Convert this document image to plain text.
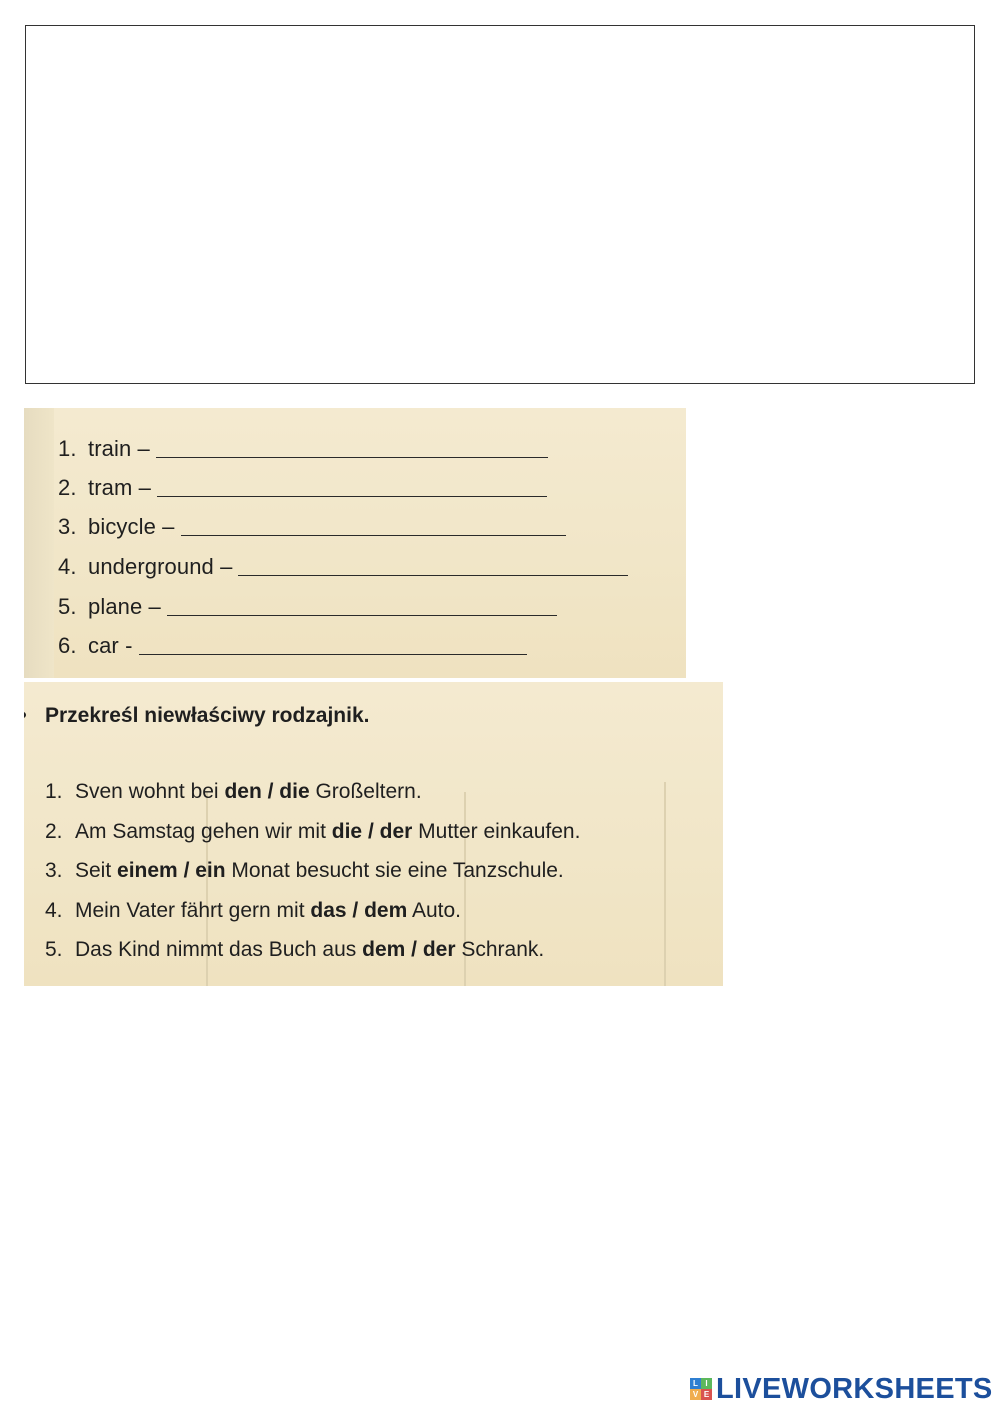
1. train –
2. tram –
3. bicycle –
4. underground –
5. plane –
6. car -
Przekreśl niewłaściwy rodzajnik.
1. Sven wohnt bei den / die Großeltern.
2. Am Samstag gehen wir mit die / der Mutter einkaufen.
3. Seit einem / ein Monat besucht sie eine Tanzschule.
4. Mein Vater fährt gern mit das / dem Auto.
5. Das Kind nimmt das Buch aus dem / der Schrank.
L I
V E LIVEWORKSHEETS
